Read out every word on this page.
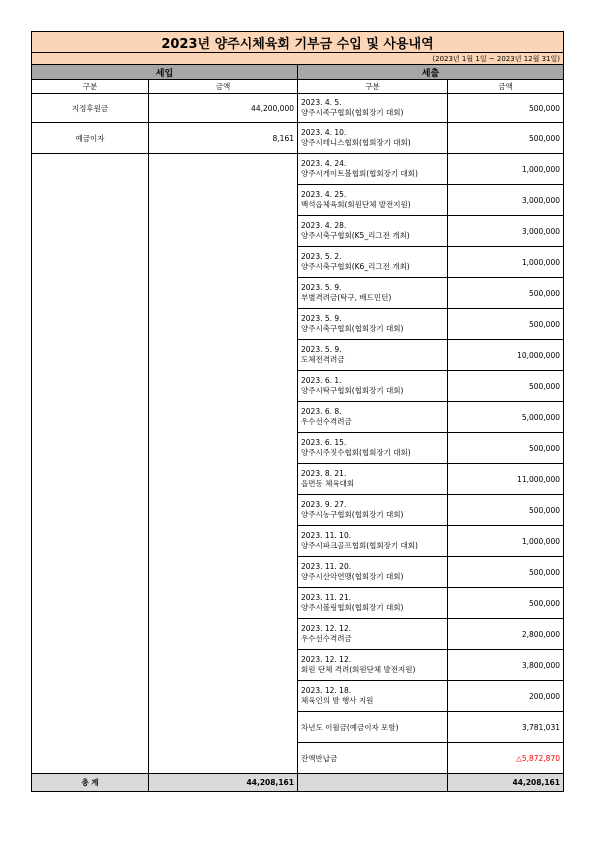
2023년 양주시체육회 기부금 수입 및 사용내역			
(2023년 1월 1일 ~ 2023년 12월 31일)			
세입		세출	
구분	금액	구분	금액
지정후원금	44,200,000	2023. 4. 5.
양주시족구협회(협회장기 대회)	500,000
예금이자	8,161	2023. 4. 10.
양주시테니스협회(협회장기 대회)	500,000

		2023. 4. 24.
양주시게이트볼협회(협회장기 대회)	1,000,000

		2023. 4. 25.
백석읍체육회(회원단체 발전지원)	3,000,000

		2023. 4. 28.
양주시축구협회(K5_리그전 개최)	3,000,000

		2023. 5. 2.
양주시축구협회(K6_리그전 개최)	1,000,000

		2023. 5. 9.
부별격려금(탁구, 배드민턴)	500,000

		2023. 5. 9.
양주시축구협회(협회장기 대회)	500,000

		2023. 5. 9.
도체전격려금	10,000,000

		2023. 6. 1.
양주시탁구협회(협회장기 대회)	500,000

		2023. 6. 8.
우수선수격려금	5,000,000

		2023. 6. 15.
양주시주짓수협회(협회장기 대회)	500,000

		2023. 8. 21.
읍면동 체육대회	11,000,000

		2023. 9. 27.
양주시농구협회(협회장기 대회)	500,000

		2023. 11. 10.
양주시파크골프협회(협회장기 대회)	1,000,000

		2023. 11. 20.
양주시산악연맹(협회장기 대회)	500,000

		2023. 11. 21.
양주시볼링협회(협회장기 대회)	500,000

		2023. 12. 12.
우수선수격려금	2,800,000

		2023. 12. 12.
회원 단체 격려(회원단체 발전지원)	3,800,000

		2023. 12. 18.
체육인의 밤 행사 지원	200,000
		차년도 이월금(예금이자 포함)	3,781,031
		잔액반납금	△5,872,870
총 계	44,208,161		44,208,161
